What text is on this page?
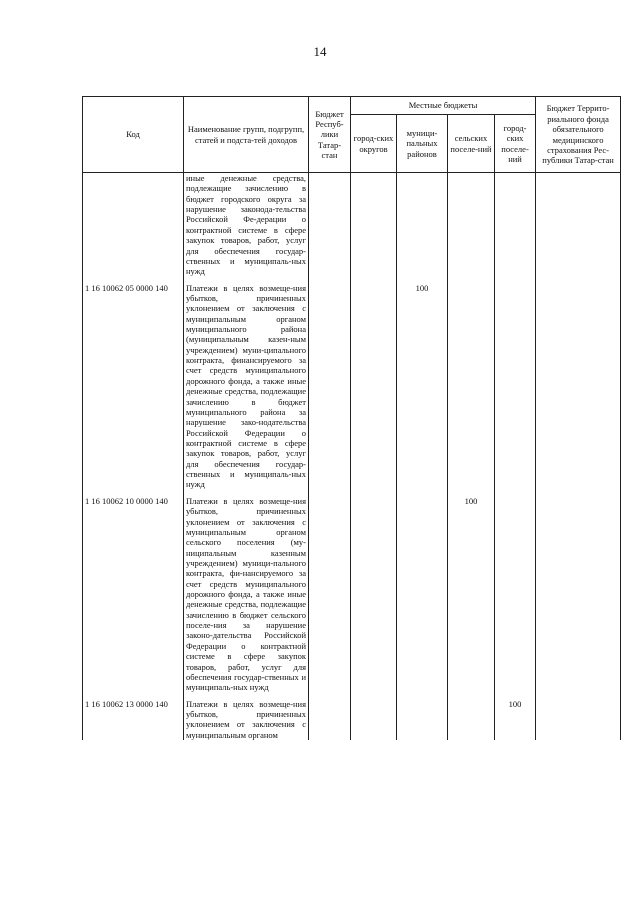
14
Код	Наименование групп, подгрупп, статей и подста-тей доходов	Бюджет Респуб-лики Татар-стан	Местные бюджеты				Бюджет Террито-риального фонда обязательного медицинского страхования Рес-публики Татар-стан
			город-ских округов	муници-пальных районов	сельских поселе-ний	город-ских поселе-ний	
	иные денежные средства, подлежащие зачислению в бюджет городского округа за нарушение законода-тельства Российской Фе-дерации о контрактной системе в сфере закупок товаров, работ, услуг для обеспечения государ-ственных и муниципаль-ных нужд						
1 16 10062 05 0000 140	Платежи в целях возмеще-ния убытков, причиненных уклонением от заключения с муниципальным органом муниципального района (муниципальным казен-ным учреждением) муни-ципального контракта, финансируемого за счет средств муниципального дорожного фонда, а также иные денежные средства, подлежащие зачислению в бюджет муниципального района за нарушение зако-нодательства Российской Федерации о контрактной системе в сфере закупок товаров, работ, услуг для обеспечения государ-ственных и муниципаль-ных нужд			100			
1 16 10062 10 0000 140	Платежи в целях возмеще-ния убытков, причиненных уклонением от заключения с муниципальным органом сельского поселения (му-ниципальным казенным учреждением) муници-пального контракта, фи-нансируемого за счет средств муниципального дорожного фонда, а также иные денежные средства, подлежащие зачислению в бюджет сельского поселе-ния за нарушение законо-дательства Российской Федерации о контрактной системе в сфере закупок товаров, работ, услуг для обеспечения государ-ственных и муниципаль-ных нужд				100		
1 16 10062 13 0000 140	Платежи в целях возмеще-ния убытков, причиненных уклонением от заключения с муниципальным органом					100	
